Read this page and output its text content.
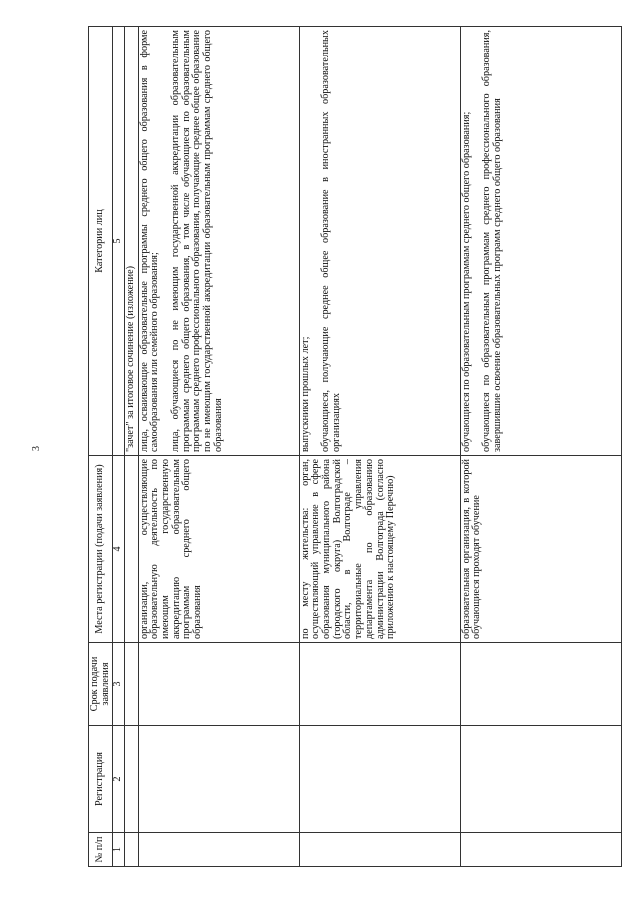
3
№ п/п	Регистрация	Срок подачи заявления	Места регистрации (подачи заявления)	Категории лиц
1	2	3	4	5
				"зачет" за итоговое сочинение (изложение)
			организации, осуществляющие образовательную деятельность по имеющим государственную аккредитацию образовательным программам среднего общего образования	лица, осваивающие образовательные программы среднего общего образования в форме самообразования или семейного образования; лица, обучающиеся по не имеющим государственной аккредитации образовательным программам среднего общего образования, в том числе обучающиеся по образовательным программам среднего профессионального образования, получающие среднее общее образование по не имеющим государственной аккредитации образовательным программам среднего общего образования

			по месту жительства: орган, осуществляющий управление в сфере образования муниципального района (городского округа) Волгоградской области, в Волгограде – территориальные управления департамента по образованию администрации Волгограда (согласно приложению к настоящему Перечню)	выпускники прошлых лет; обучающиеся, получающие среднее общее образование в иностранных образовательных организациях

			образовательная организация, в которой обучающиеся проходят обучение	обучающиеся по образовательным программам среднего общего образования; обучающиеся по образовательным программам среднего профессионального образования, завершившие освоение образовательных программ среднего общего образования
